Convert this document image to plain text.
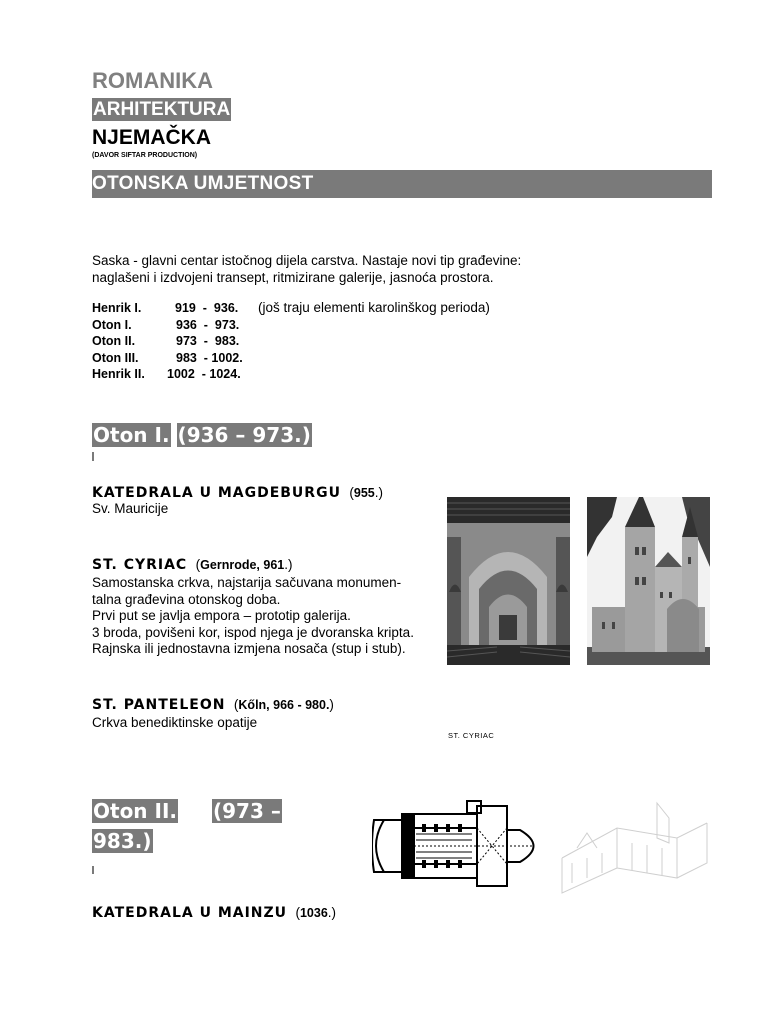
ROMANIKA
ARHITEKTURA
NJEMAČKA
(DAVOR SIFTAR PRODUCTION)
OTONSKA UMJETNOST
Saska - glavni centar istočnog dijela carstva. Nastaje novi tip građevine: naglašeni i izdvojeni transept, ritmizirane galerije, jasnoća prostora.
Henrik I.	919  -  936. (još traju elementi karolinškog perioda)
Oton I.	936  -  973.
Oton II.	973  -  983.
Oton III.	983  - 1002.
Henrik II. 1002  - 1024.
Oton I. (936 – 973.)
KATEDRALA U MAGDEBURGU (955.)
Sv. Mauricije
ST. CYRIAC (Gernrode, 961.)
Samostanska crkva, najstarija sačuvana monumen-
talna građevina otonskog doba.
Prvi put se javlja empora – prototip galerija.
3 broda, povišeni kor, ispod njega je dvoranska kripta.
Rajnska ili jednostavna izmjena nosača (stup i stub).
ST. CYRIAC
ST. PANTELEON (Kőln, 966 - 980.)
Crkva benediktinske opatije
Oton II. (973 –
983.)
KATEDRALA U MAINZU (1036.)
